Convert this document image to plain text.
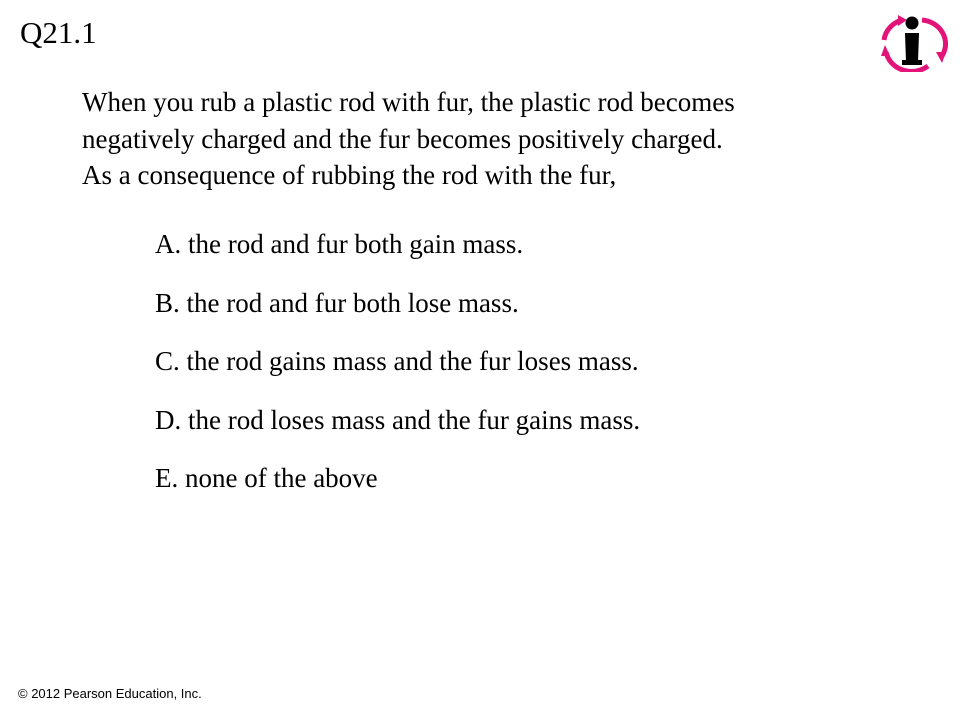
Q21.1
When you rub a plastic rod with fur, the plastic rod becomes
negatively charged and the fur becomes positively charged.
As a consequence of rubbing the rod with the fur,
A. the rod and fur both gain mass.
B. the rod and fur both lose mass.
C. the rod gains mass and the fur loses mass.
D. the rod loses mass and the fur gains mass.
E. none of the above
© 2012 Pearson Education, Inc.
